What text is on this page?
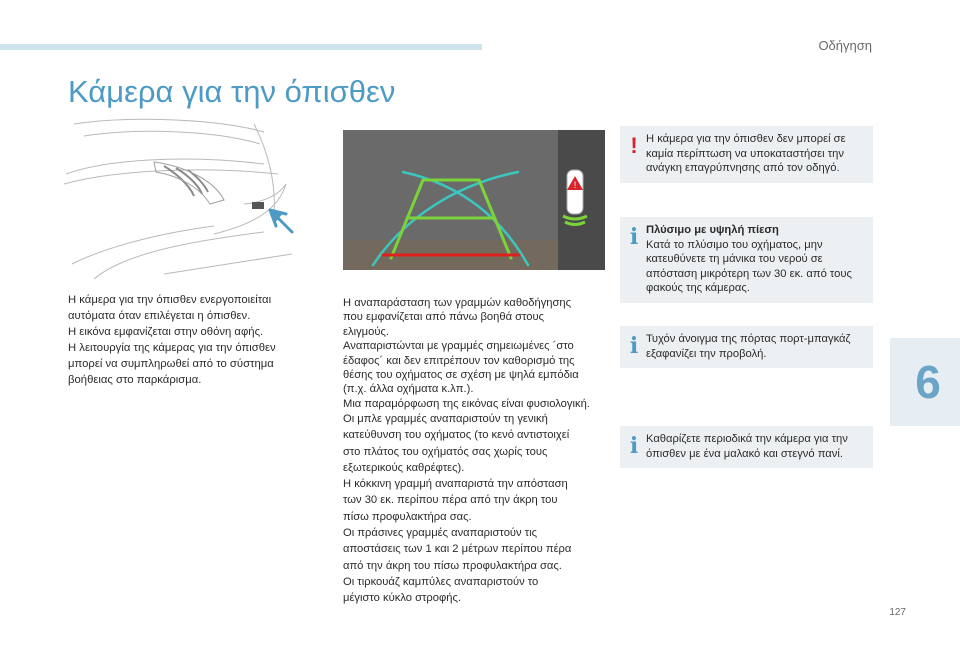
Οδήγηση
Κάμερα για την όπισθεν
6
127
!

Η κάμερα για την όπισθεν ενεργοποιείται

αυτόματα όταν επιλέγεται η όπισθεν.

Η εικόνα εμφανίζεται στην οθόνη αφής.

Η λειτουργία της κάμερας για την όπισθεν

μπορεί να συμπληρωθεί από το σύστημα

βοήθειας στο παρκάρισμα.

Η αναπαράσταση των γραμμών καθοδήγησης

που εμφανίζεται από πάνω βοηθά στους

ελιγμούς.

Αναπαριστώνται με γραμμές σημειωμένες ´στο

έδαφος´ και δεν επιτρέπουν τον καθορισμό της

θέσης του οχήματος σε σχέση με ψηλά εμπόδια

(π.χ. άλλα οχήματα κ.λπ.).

Μια παραμόρφωση της εικόνας είναι φυσιολογική.

Οι μπλε γραμμές αναπαριστούν τη γενική

κατεύθυνση του οχήματος (το κενό αντιστοιχεί

στο πλάτος του οχήματός σας χωρίς τους

εξωτερικούς καθρέφτες).

Η κόκκινη γραμμή αναπαριστά την απόσταση

των 30 εκ. περίπου πέρα από την άκρη του

πίσω προφυλακτήρα σας.

Οι πράσινες γραμμές αναπαριστούν τις

αποστάσεις των 1 και 2 μέτρων περίπου πέρα

από την άκρη του πίσω προφυλακτήρα σας.

Οι τιρκουάζ καμπύλες αναπαριστούν το

μέγιστο κύκλο στροφής.

! Η κάμερα για την όπισθεν δεν μπορεί σε

καμία περίπτωση να υποκαταστήσει την

ανάγκη επαγρύπνησης από τον οδηγό.

i Πλύσιμο με υψηλή πίεση

Κατά το πλύσιμο του οχήματος, μην

κατευθύνετε τη μάνικα του νερού σε

απόσταση μικρότερη των 30 εκ. από τους

φακούς της κάμερας.

i Τυχόν άνοιγμα της πόρτας πορτ-μπαγκάζ

εξαφανίζει την προβολή.

i Καθαρίζετε περιοδικά την κάμερα για την

όπισθεν με ένα μαλακό και στεγνό πανί.
